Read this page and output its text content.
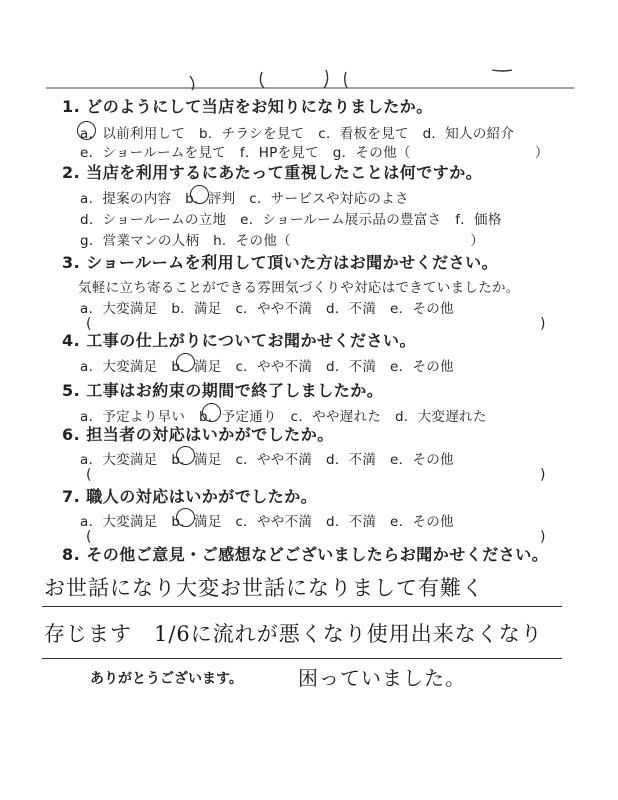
1. どのようにして当店をお知りになりましたか。
a．以前利用して　b．チラシを見て　c．看板を見て　d．知人の紹介
e．ショールームを見て　f．HPを見て　g．その他（　　　　　　　　　）
2. 当店を利用するにあたって重視したことは何ですか。
a．提案の内容　b．評判　c．サービスや対応のよさ
d．ショールームの立地　e．ショールーム展示品の豊富さ　f．価格
g．営業マンの人柄　h．その他（　　　　　　　　　　　　　）
3. ショールームを利用して頂いた方はお聞かせください。
気軽に立ち寄ることができる雰囲気づくりや対応はできていましたか。
a．大変満足　b．満足　c．やや不満　d．不満　e．その他
(	)
4. 工事の仕上がりについてお聞かせください。
a．大変満足　b．満足　c．やや不満　d．不満　e．その他
5. 工事はお約束の期間で終了しましたか。
a．予定より早い　b．予定通り　c．やや遅れた　d．大変遅れた
6. 担当者の対応はいかがでしたか。
a．大変満足　b．満足　c．やや不満　d．不満　e．その他
(	)
7. 職人の対応はいかがでしたか。
a．大変満足　b．満足　c．やや不満　d．不満　e．その他
(	)
8. その他ご意見・ご感想などございましたらお聞かせください。
お世話になり大変お世話になりまして有難く
存じます　1/6に流れが悪くなり使用出来なくなり
ありがとうございます。	困っていました。
